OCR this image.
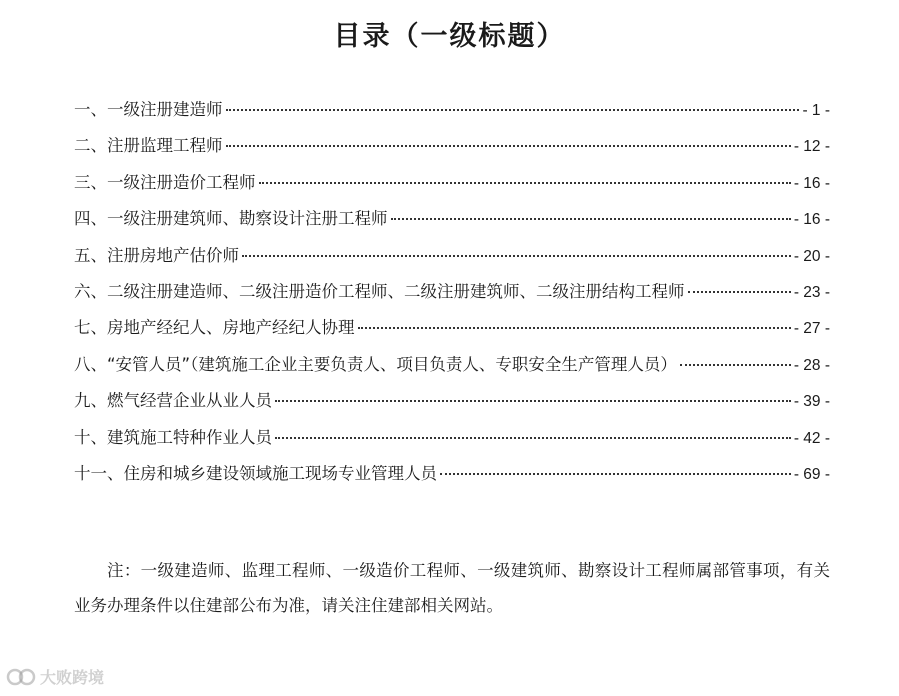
目录（一级标题）
一、一级注册建造师	- 1 -
二、注册监理工程师	- 12 -
三、一级注册造价工程师	- 16 -
四、一级注册建筑师、勘察设计注册工程师	- 16 -
五、注册房地产估价师	- 20 -
六、二级注册建造师、二级注册造价工程师、二级注册建筑师、二级注册结构工程师	- 23 -
七、房地产经纪人、房地产经纪人协理	- 27 -
八、“安管人员”（建筑施工企业主要负责人、项目负责人、专职安全生产管理人员）	- 28 -
九、燃气经营企业从业人员	- 39 -
十、建筑施工特种作业人员	- 42 -
十一、住房和城乡建设领域施工现场专业管理人员	- 69 -
注：一级建造师、监理工程师、一级造价工程师、一级建筑师、勘察设计工程师属部管事项，有关业务办理条件以住建部公布为准，请关注住建部相关网站。
大败跨境
